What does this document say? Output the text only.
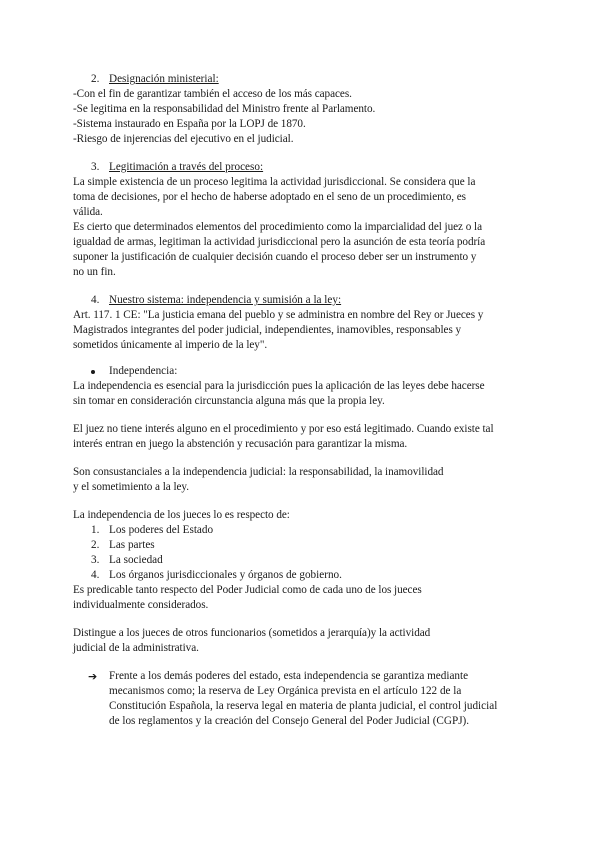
2. Designación ministerial:
-Con el fin de garantizar también el acceso de los más capaces.
-Se legitima en la responsabilidad del Ministro frente al Parlamento.
-Sistema instaurado en España por la LOPJ de 1870.
-Riesgo de injerencias del ejecutivo en el judicial.
3. Legitimación a través del proceso:
La simple existencia de un proceso legitima la actividad jurisdiccional. Se considera que la
toma de decisiones, por el hecho de haberse adoptado en el seno de un procedimiento, es
válida.
Es cierto que determinados elementos del procedimiento como la imparcialidad del juez o la
igualdad de armas, legitiman la actividad jurisdiccional pero la asunción de esta teoría podría
suponer la justificación de cualquier decisión cuando el proceso deber ser un instrumento y
no un fin.
4. Nuestro sistema: independencia y sumisión a la ley:
Art. 117. 1 CE: "La justicia emana del pueblo y se administra en nombre del Rey or Jueces y
Magistrados integrantes del poder judicial, independientes, inamovibles, responsables y
sometidos únicamente al imperio de la ley".
Independencia:
La independencia es esencial para la jurisdicción pues la aplicación de las leyes debe hacerse
sin tomar en consideración circunstancia alguna más que la propia ley.
El juez no tiene interés alguno en el procedimiento y por eso está legitimado. Cuando existe tal
interés entran en juego la abstención y recusación para garantizar la misma.
Son consustanciales a la independencia judicial: la responsabilidad, la inamovilidad
y el sometimiento a la ley.
La independencia de los jueces lo es respecto de:
1. Los poderes del Estado
2. Las partes
3. La sociedad
4. Los órganos jurisdiccionales y órganos de gobierno.
Es predicable tanto respecto del Poder Judicial como de cada uno de los jueces
individualmente considerados.
Distingue a los jueces de otros funcionarios (sometidos a jerarquía)y la actividad
judicial de la administrativa.
➔ Frente a los demás poderes del estado, esta independencia se garantiza mediante
mecanismos como; la reserva de Ley Orgánica prevista en el artículo 122 de la
Constitución Española, la reserva legal en materia de planta judicial, el control judicial
de los reglamentos y la creación del Consejo General del Poder Judicial (CGPJ).
